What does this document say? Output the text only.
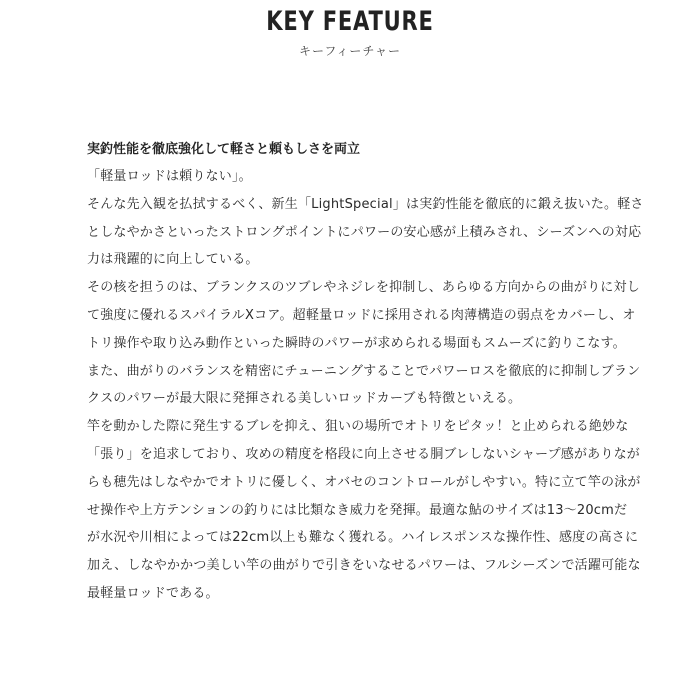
KEY FEATURE
キーフィーチャー
実釣性能を徹底強化して軽さと頼もしさを両立
「軽量ロッドは頼りない」。
そんな先入観を払拭するべく、新生「LightSpecial」は実釣性能を徹底的に鍛え抜いた。軽さ
としなやかさといったストロングポイントにパワーの安心感が上積みされ、シーズンへの対応
力は飛躍的に向上している。
その核を担うのは、ブランクスのツブレやネジレを抑制し、あらゆる方向からの曲がりに対し
て強度に優れるスパイラルXコア。超軽量ロッドに採用される肉薄構造の弱点をカバーし、オ
トリ操作や取り込み動作といった瞬時のパワーが求められる場面もスムーズに釣りこなす。
また、曲がりのバランスを精密にチューニングすることでパワーロスを徹底的に抑制しブラン
クスのパワーが最大限に発揮される美しいロッドカーブも特徴といえる。
竿を動かした際に発生するブレを抑え、狙いの場所でオトリをピタッ！と止められる絶妙な
「張り」を追求しており、攻めの精度を格段に向上させる胴ブレしないシャープ感がありなが
らも穂先はしなやかでオトリに優しく、オバセのコントロールがしやすい。特に立て竿の泳が
せ操作や上方テンションの釣りには比類なき威力を発揮。最適な鮎のサイズは13〜20cmだ
が水況や川相によっては22cm以上も難なく獲れる。ハイレスポンスな操作性、感度の高さに
加え、しなやかかつ美しい竿の曲がりで引きをいなせるパワーは、フルシーズンで活躍可能な
最軽量ロッドである。
